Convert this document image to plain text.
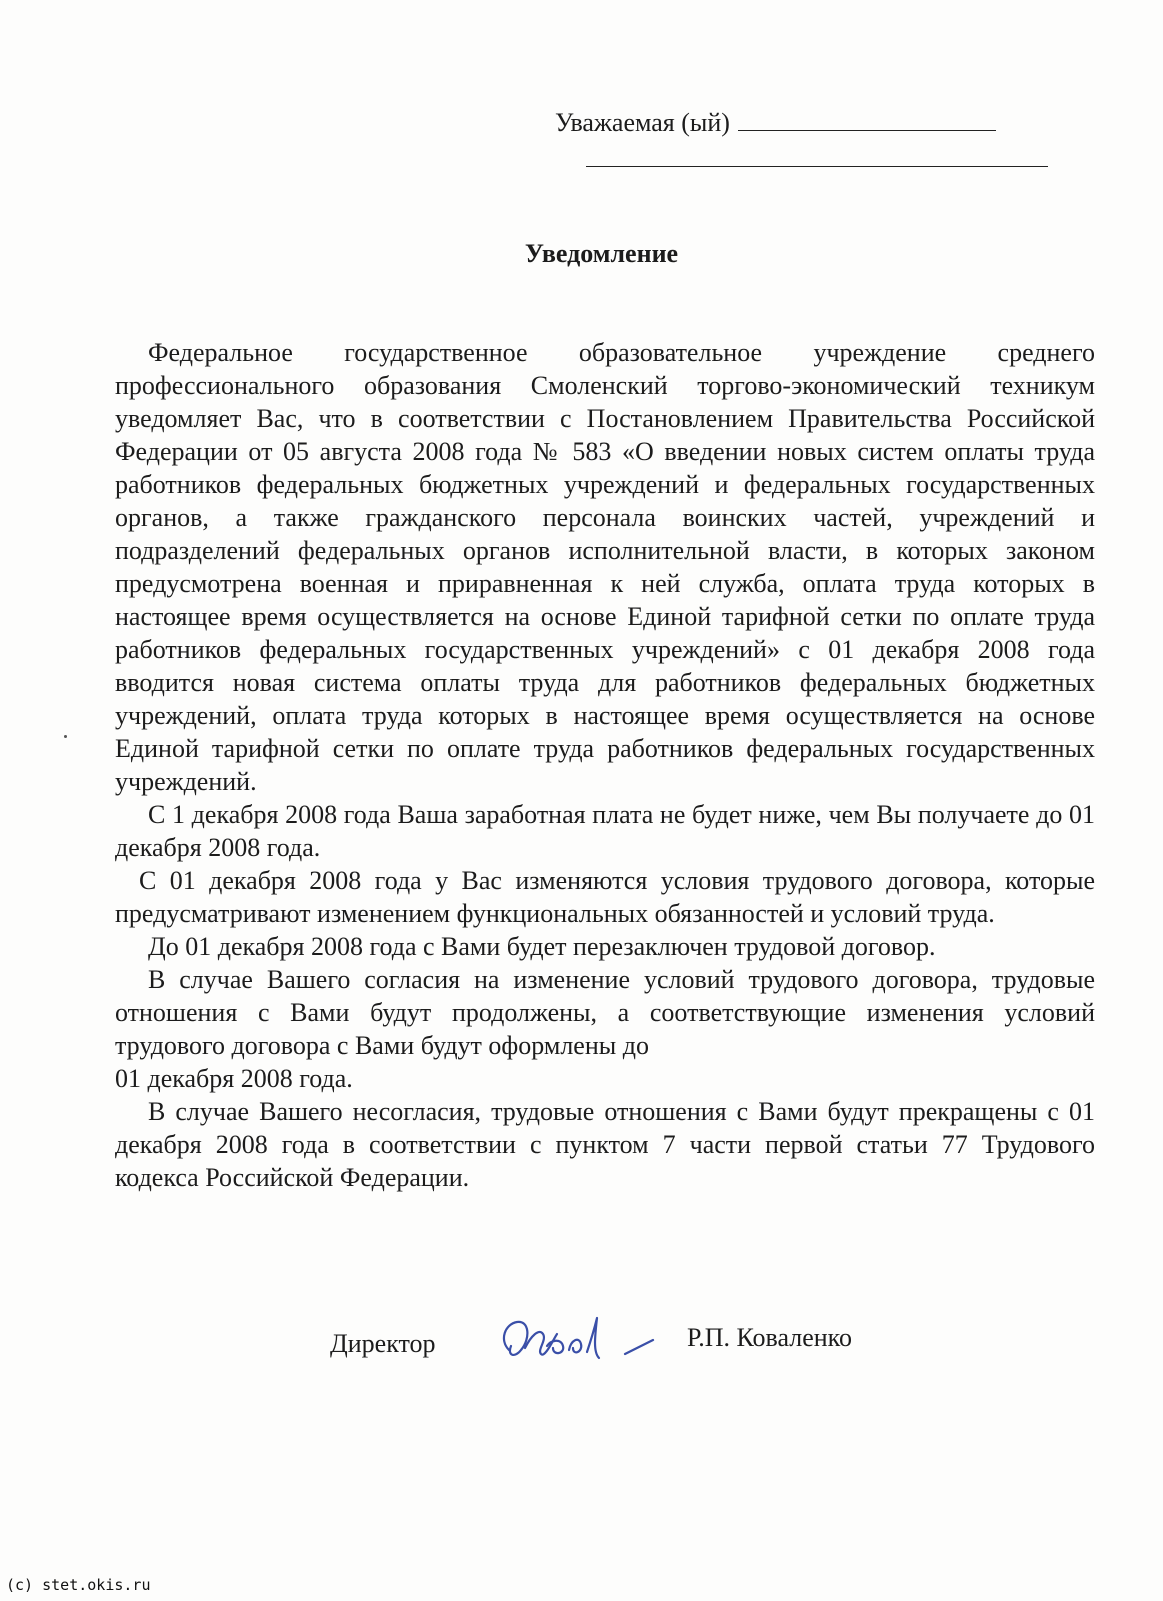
Уважаемая (ый)
Уведомление

Федеральное государственное образовательное учреждение среднего профессионального образования Смоленский торгово-экономический техникум уведомляет Вас, что в соответствии с Постановлением Правительства Российской Федерации от 05 августа 2008 года № 583 «О введении новых систем оплаты труда работников федеральных бюджетных учреждений и федеральных государственных органов, а также гражданского персонала воинских частей, учреждений и подразделений федеральных органов исполнительной власти, в которых законом предусмотрена военная и приравненная к ней служба, оплата труда которых в настоящее время осуществляется на основе Единой тарифной сетки по оплате труда работников федеральных государственных учреждений» с 01 декабря 2008 года вводится новая система оплаты труда для работников федеральных бюджетных учреждений, оплата труда которых в настоящее время осуществляется на основе Единой тарифной сетки по оплате труда работников федеральных государственных учреждений.

С 1 декабря 2008 года Ваша заработная плата не будет ниже, чем Вы получаете до 01 декабря 2008 года.

С 01 декабря 2008 года у Вас изменяются условия трудового договора, которые предусматривают изменением функциональных обязанностей и условий труда.

До 01 декабря 2008 года с Вами будет перезаключен трудовой договор.

В случае Вашего согласия на изменение условий трудового договора, трудовые отношения с Вами будут продолжены, а соответствующие изменения условий трудового договора с Вами будут оформлены до

01 декабря 2008 года.

В случае Вашего несогласия, трудовые отношения с Вами будут прекращены с 01 декабря 2008 года в соответствии с пунктом 7 части первой статьи 77 Трудового кодекса Российской Федерации.

Директор	Р.П. Коваленко
(c) stet.okis.ru
